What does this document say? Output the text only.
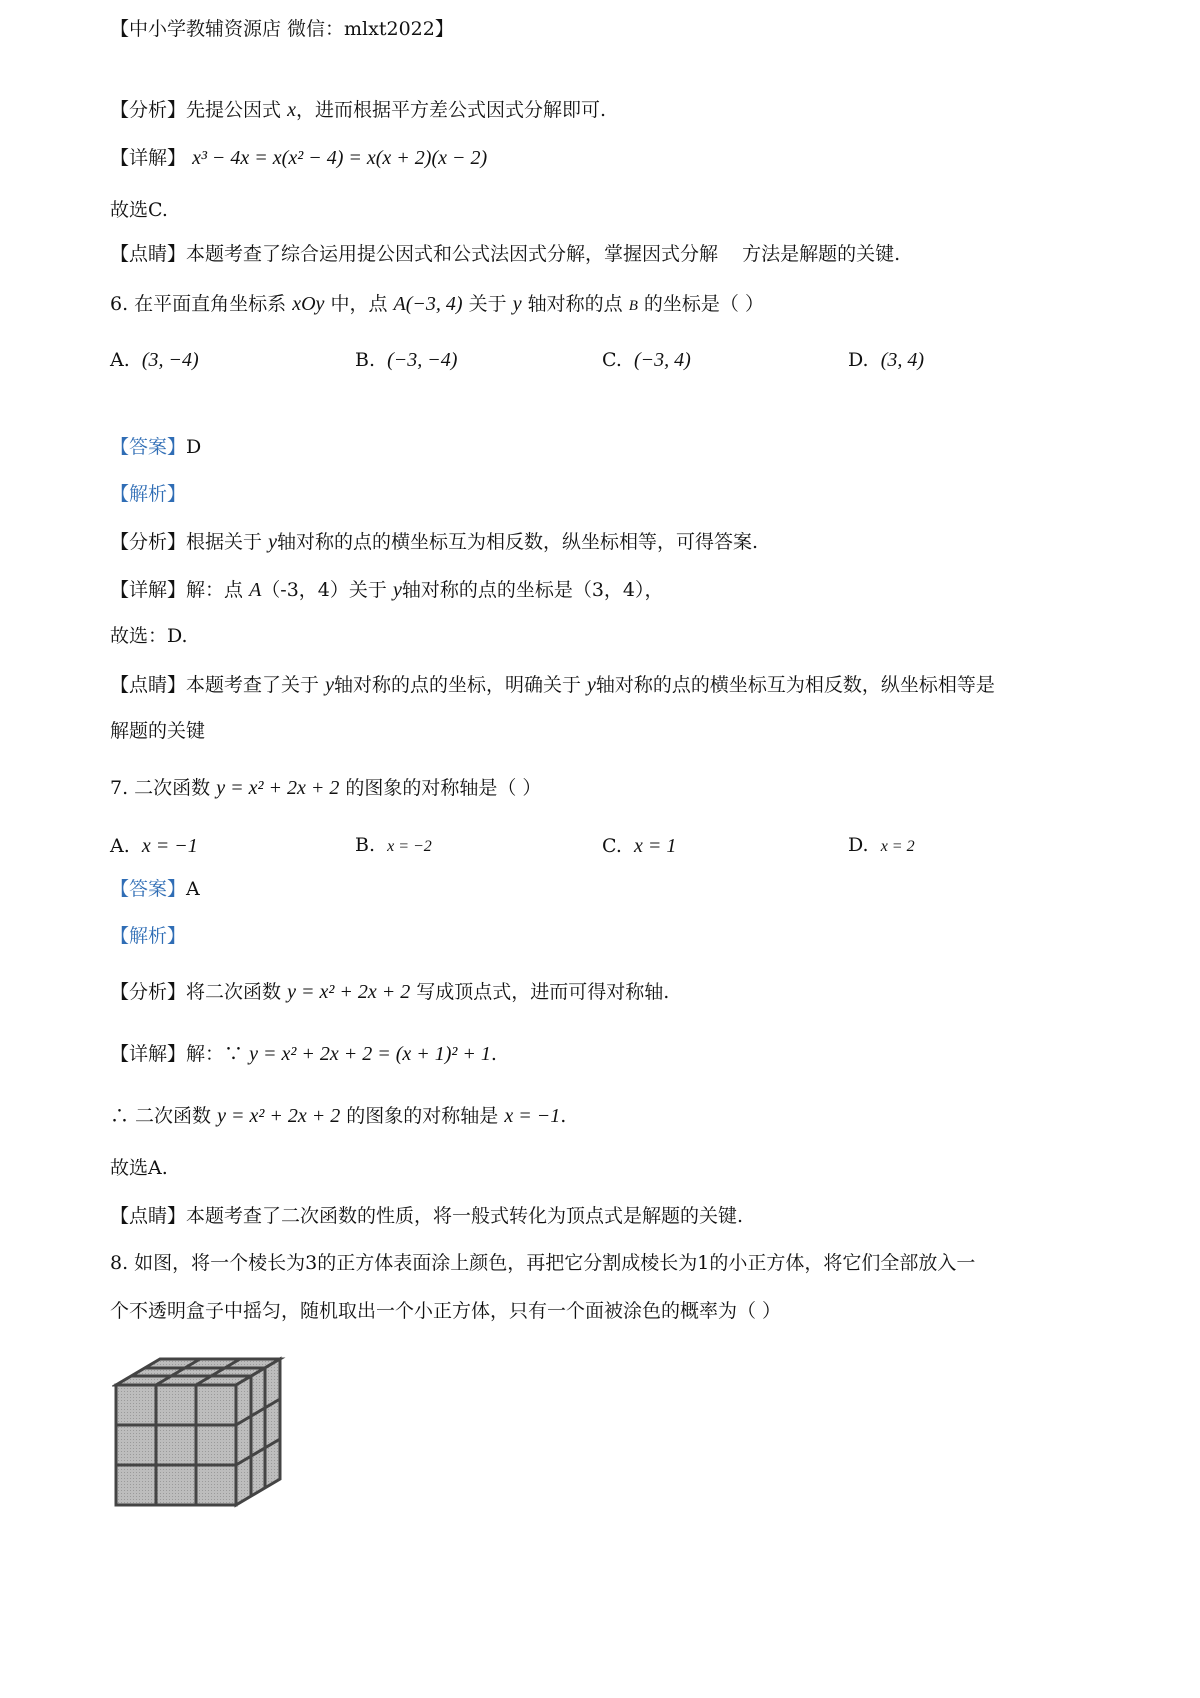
【中小学教辅资源店 微信：mlxt2022】
【分析】先提公因式 x，进而根据平方差公式因式分解即可.
【详解】 x³ − 4x = x(x² − 4) = x(x + 2)(x − 2)
故选C.
【点睛】本题考查了综合运用提公因式和公式法因式分解，掌握因式分解    方法是解题的关键.
6. 在平面直角坐标系 xOy 中，点 A(−3, 4) 关于 y 轴对称的点 B 的坐标是（ ）
A. (3, −4)	B. (−3, −4)	C. (−3, 4)	D. (3, 4)
【答案】D
【解析】
【分析】根据关于 y轴对称的点的横坐标互为相反数，纵坐标相等，可得答案.
【详解】解：点 A（-3，4）关于 y轴对称的点的坐标是（3，4），
故选：D.
【点睛】本题考查了关于 y轴对称的点的坐标，明确关于 y轴对称的点的横坐标互为相反数，纵坐标相等是
解题的关键
7. 二次函数 y = x² + 2x + 2 的图象的对称轴是（ ）
A. x = −1	B. x = −2	C. x = 1	D. x = 2
【答案】A
【解析】
【分析】将二次函数 y = x² + 2x + 2 写成顶点式，进而可得对称轴.
【详解】解：∵ y = x² + 2x + 2 = (x + 1)² + 1.
∴ 二次函数 y = x² + 2x + 2 的图象的对称轴是 x = −1.
故选A.
【点睛】本题考查了二次函数的性质，将一般式转化为顶点式是解题的关键.
8. 如图，将一个棱长为3的正方体表面涂上颜色，再把它分割成棱长为1的小正方体，将它们全部放入一
个不透明盒子中摇匀，随机取出一个小正方体，只有一个面被涂色的概率为（ ）
